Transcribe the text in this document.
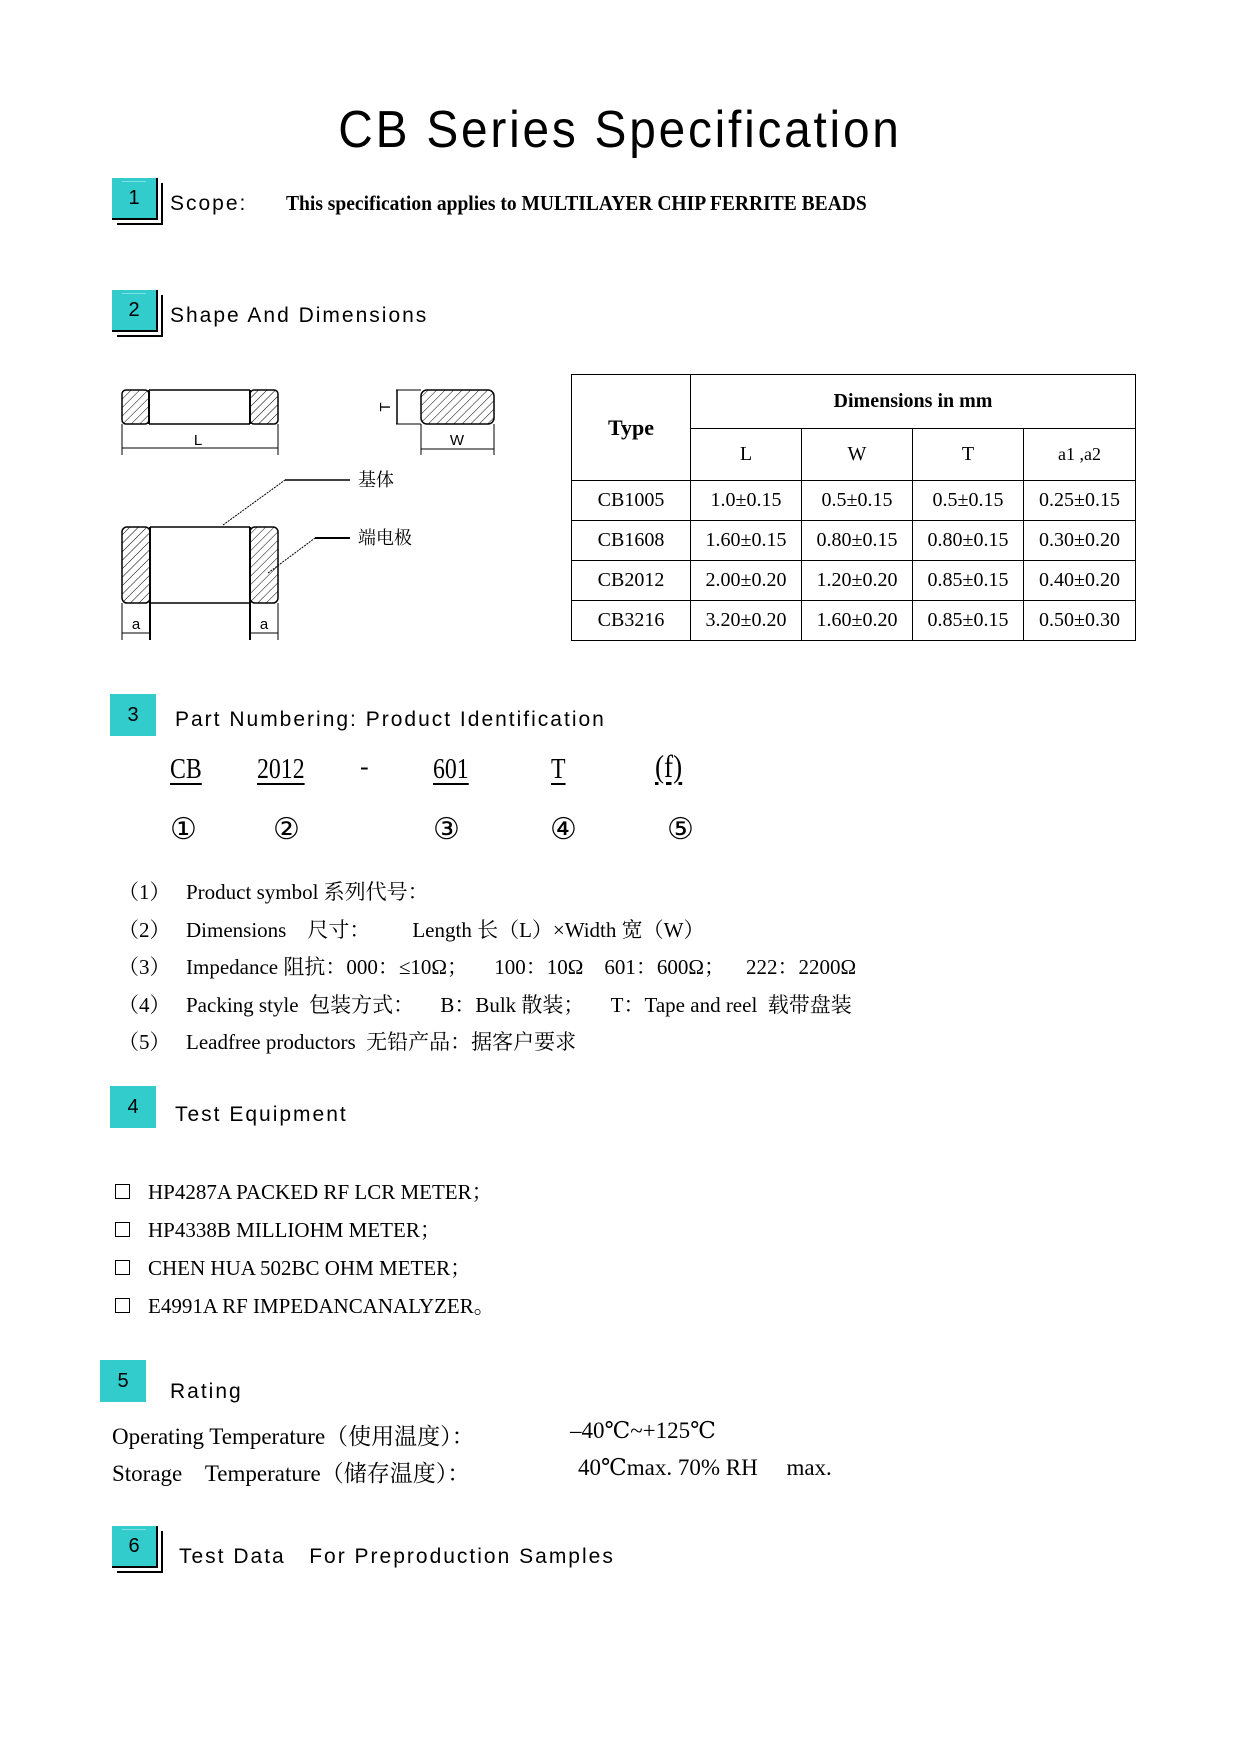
CB Series Specification
1 Scope: This specification applies to MULTILAYER CHIP FERRITE BEADS
2 Shape And Dimensions
L
T
W
a	a
基体
端电极
Type	Dimensions in mm			
	L	W	T	a1 ,a2
CB1005	1.0±0.15	0.5±0.15	0.5±0.15	0.25±0.15
CB1608	1.60±0.15	0.80±0.15	0.80±0.15	0.30±0.20
CB2012	2.00±0.20	1.20±0.20	0.85±0.15	0.40±0.20
CB3216	3.20±0.20	1.60±0.20	0.85±0.15	0.50±0.30
3 Part Numbering: Product Identification
CB 2012 - 601	T	(f)
①	②	③	④	⑤
（1） Product symbol 系列代号：
（2） Dimensions    尺寸：        Length 长（L）×Width 宽（W）
（3） Impedance 阻抗：000：≤10Ω；     100：10Ω    601：600Ω；    222：2200Ω
（4） Packing style  包装方式：     B：Bulk 散装；     T：Tape and reel  载带盘装
（5） Leadfree productors  无铅产品：据客户要求
4 Test Equipment
HP4287A PACKED RF LCR METER；
HP4338B MILLIOHM METER；
CHEN HUA 502BC OHM METER；
E4991A RF IMPEDANCANALYZER。
5 Rating
Operating Temperature（使用温度）：	–40℃~+125℃
Storage    Temperature（储存温度）：	40℃max. 70% RH     max.
6 Test Data   For Preproduction Samples
